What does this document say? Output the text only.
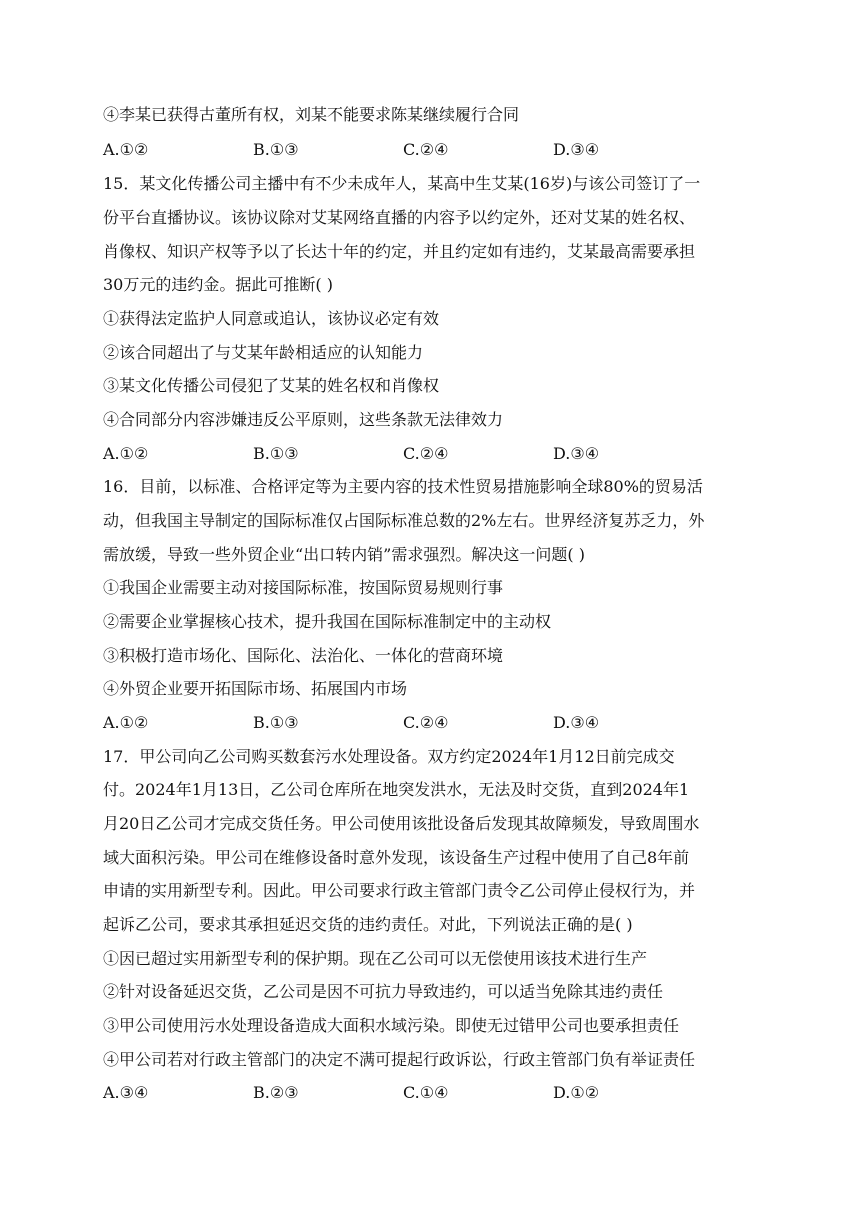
④李某已获得古董所有权，刘某不能要求陈某继续履行合同
A.①②	B.①③	C.②④	D.③④
15．某文化传播公司主播中有不少未成年人，某高中生艾某(16岁)与该公司签订了一
份平台直播协议。该协议除对艾某网络直播的内容予以约定外，还对艾某的姓名权、
肖像权、知识产权等予以了长达十年的约定，并且约定如有违约，艾某最高需要承担
30万元的违约金。据此可推断( )
①获得法定监护人同意或追认，该协议必定有效
②该合同超出了与艾某年龄相适应的认知能力
③某文化传播公司侵犯了艾某的姓名权和肖像权
④合同部分内容涉嫌违反公平原则，这些条款无法律效力
A.①②	B.①③	C.②④	D.③④
16．目前，以标准、合格评定等为主要内容的技术性贸易措施影响全球80%的贸易活
动，但我国主导制定的国际标准仅占国际标准总数的2%左右。世界经济复苏乏力，外
需放缓，导致一些外贸企业“出口转内销”需求强烈。解决这一问题( )
①我国企业需要主动对接国际标准，按国际贸易规则行事
②需要企业掌握核心技术，提升我国在国际标准制定中的主动权
③积极打造市场化、国际化、法治化、一体化的营商环境
④外贸企业要开拓国际市场、拓展国内市场
A.①②	B.①③	C.②④	D.③④
17．甲公司向乙公司购买数套污水处理设备。双方约定2024年1月12日前完成交
付。2024年1月13日，乙公司仓库所在地突发洪水，无法及时交货，直到2024年1
月20日乙公司才完成交货任务。甲公司使用该批设备后发现其故障频发，导致周围水
域大面积污染。甲公司在维修设备时意外发现，该设备生产过程中使用了自己8年前
申请的实用新型专利。因此。甲公司要求行政主管部门责令乙公司停止侵权行为，并
起诉乙公司，要求其承担延迟交货的违约责任。对此，下列说法正确的是( )
①因已超过实用新型专利的保护期。现在乙公司可以无偿使用该技术进行生产
②针对设备延迟交货，乙公司是因不可抗力导致违约，可以适当免除其违约责任
③甲公司使用污水处理设备造成大面积水域污染。即使无过错甲公司也要承担责任
④甲公司若对行政主管部门的决定不满可提起行政诉讼，行政主管部门负有举证责任
A.③④	B.②③	C.①④	D.①②
